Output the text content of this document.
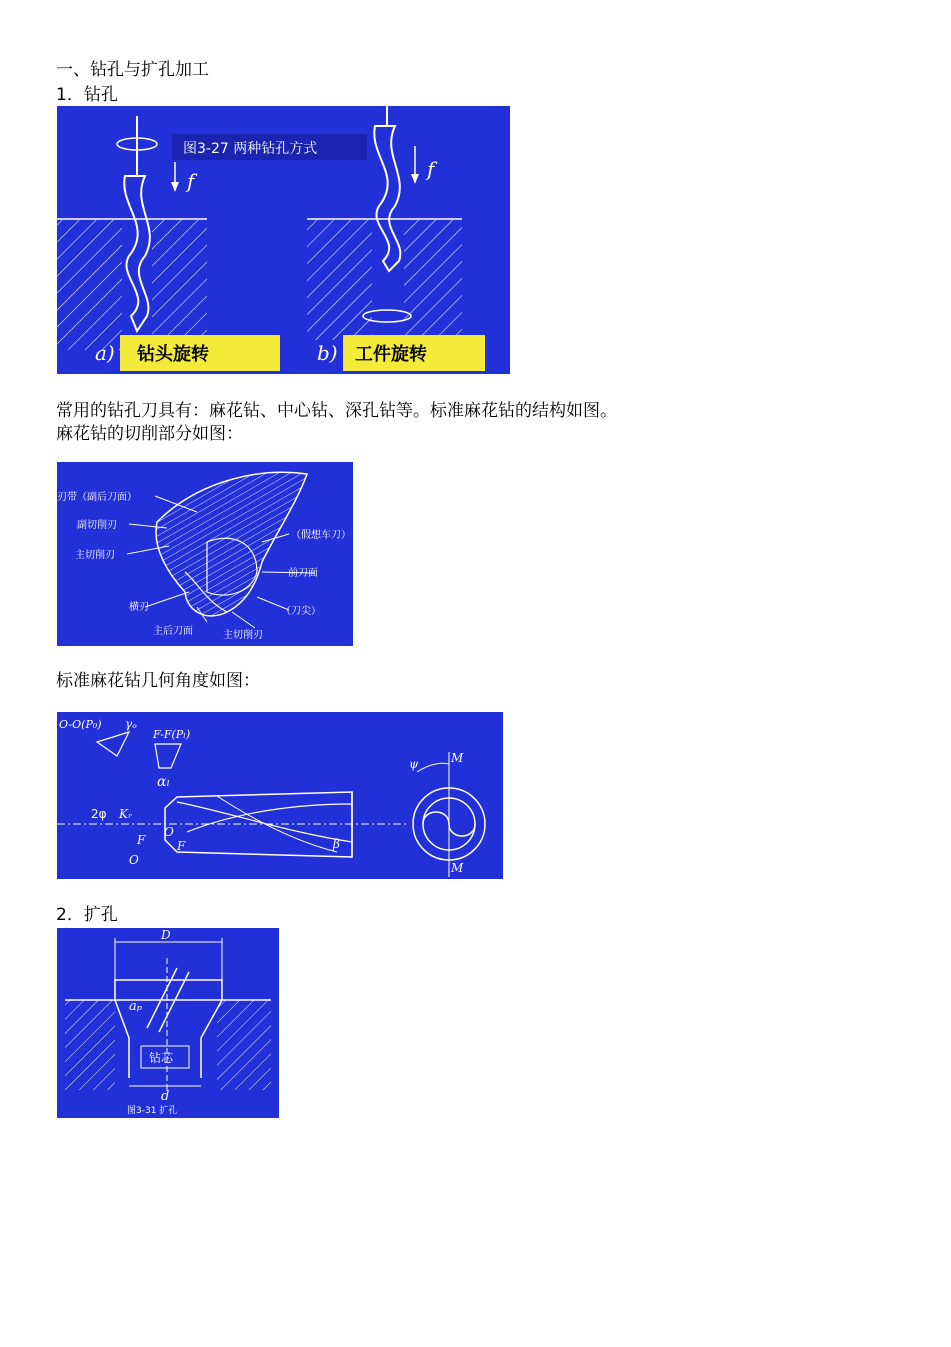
一、钻孔与扩孔加工
1．钻孔
图3-27 两种钻孔方式
f	f
a) 钻头旋转	b) 工件旋转
常用的钻孔刀具有：麻花钻、中心钻、深孔钻等。标准麻花钻的结构如图。
麻花钻的切削部分如图：
刃带（副后刀面）
副切削刃
主切削刃
横刃
主后刀面	主切削刃
（刀尖）
前刀面
（假想车刀）
标准麻花钻几何角度如图：
O-O(P₀) γₒ
F-F(Pₗ)
αₗ
2φ Kᵣ
O
F	F
O
β
ψ	M
M
2．扩孔
D
aₚ
钻芯
d
图3-31 扩孔
